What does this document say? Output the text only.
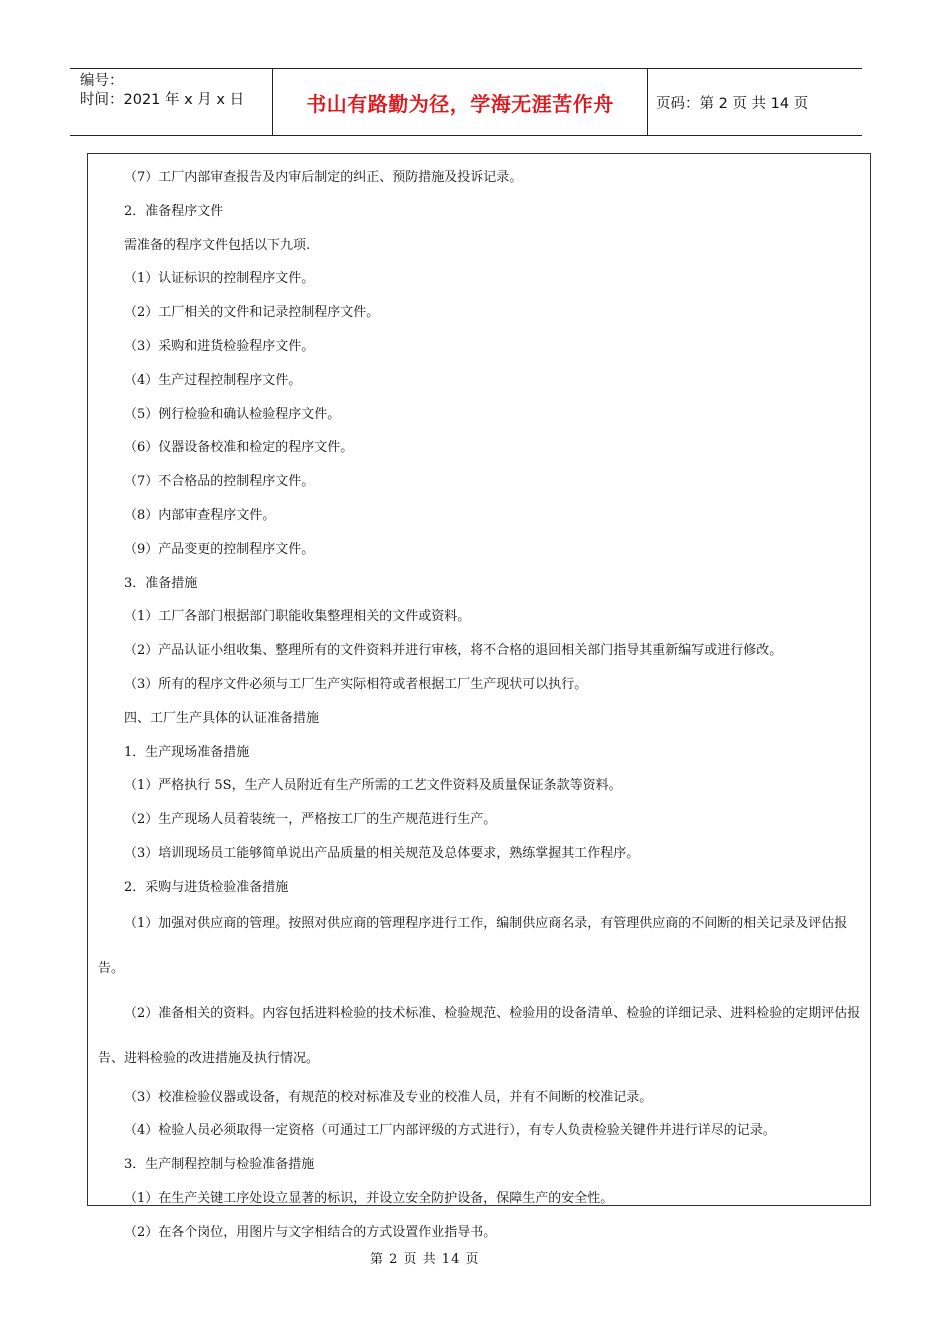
编号：
时间：2021 年 x 月 x 日	书山有路勤为径，学海无涯苦作舟	页码：第 2 页 共 14 页
（7）工厂内部审查报告及内审后制定的纠正、预防措施及投诉记录。
2．准备程序文件
需准备的程序文件包括以下九项.
（1）认证标识的控制程序文件。
（2）工厂相关的文件和记录控制程序文件。
（3）采购和进货检验程序文件。
（4）生产过程控制程序文件。
（5）例行检验和确认检验程序文件。
（6）仪器设备校准和检定的程序文件。
（7）不合格品的控制程序文件。
（8）内部审查程序文件。
（9）产品变更的控制程序文件。
3．准备措施
（1）工厂各部门根据部门职能收集整理相关的文件或资料。
（2）产品认证小组收集、整理所有的文件资料并进行审核，将不合格的退回相关部门指导其重新编写或进行修改。
（3）所有的程序文件必须与工厂生产实际相符或者根据工厂生产现状可以执行。
四、工厂生产具体的认证准备措施
1．生产现场准备措施
（1）严格执行 5S，生产人员附近有生产所需的工艺文件资料及质量保证条款等资料。
（2）生产现场人员着装统一，严格按工厂的生产规范进行生产。
（3）培训现场员工能够简单说出产品质量的相关规范及总体要求，熟练掌握其工作程序。
2．采购与进货检验准备措施
（1）加强对供应商的管理。按照对供应商的管理程序进行工作，编制供应商名录，有管理供应商的不间断的相关记录及评估报告。
（2）准备相关的资料。内容包括进料检验的技术标准、检验规范、检验用的设备清单、检验的详细记录、进料检验的定期评估报告、进料检验的改进措施及执行情况。
（3）校准检验仪器或设备，有规范的校对标准及专业的校准人员，并有不间断的校准记录。
（4）检验人员必须取得一定资格（可通过工厂内部评级的方式进行），有专人负责检验关键件并进行详尽的记录。
3．生产制程控制与检验准备措施
（1）在生产关键工序处设立显著的标识，并设立安全防护设备，保障生产的安全性。
（2）在各个岗位，用图片与文字相结合的方式设置作业指导书。
第 2 页 共 14 页
